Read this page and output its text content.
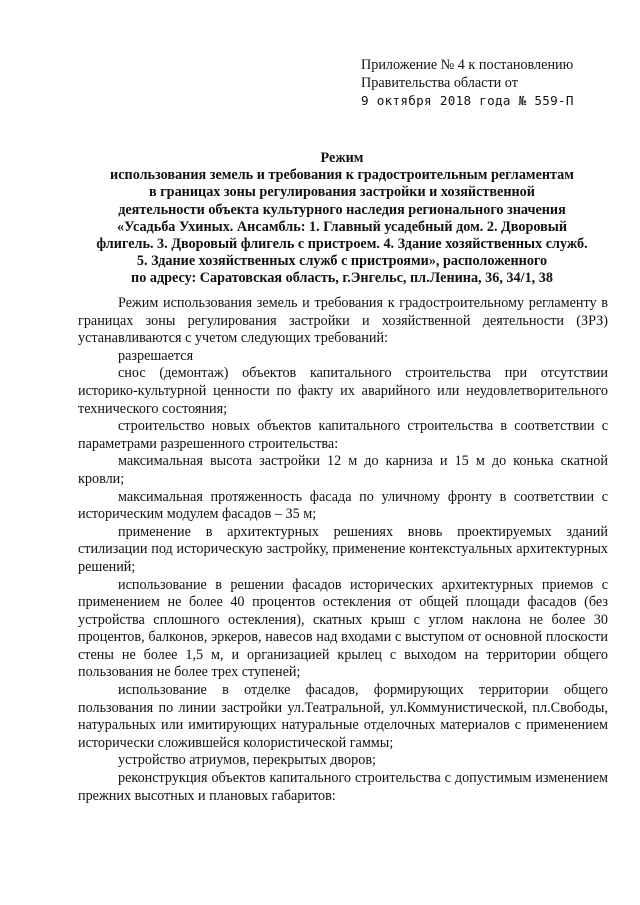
Приложение № 4 к постановлению
Правительства области от
9 октября 2018 года № 559-П
Режим
использования земель и требования к градостроительным регламентам
в границах зоны регулирования застройки и хозяйственной
деятельности объекта культурного наследия регионального значения
«Усадьба Ухиных. Ансамбль: 1. Главный усадебный дом. 2. Дворовый
флигель. 3. Дворовый флигель с пристроем. 4. Здание хозяйственных служб.
5. Здание хозяйственных служб с пристроями», расположенного
по адресу: Саратовская область, г.Энгельс, пл.Ленина, 36, 34/1, 38

Режим использования земель и требования к градостроительному регламенту в границах зоны регулирования застройки и хозяйственной деятельности (ЗРЗ) устанавливаются с учетом следующих требований:

разрешается

снос (демонтаж) объектов капитального строительства при отсутствии историко-культурной ценности по факту их аварийного или неудовлетворительного технического состояния;

строительство новых объектов капитального строительства в соответствии с параметрами разрешенного строительства:

максимальная высота застройки 12 м до карниза и 15 м до конька скатной кровли;

максимальная протяженность фасада по уличному фронту в соответствии с историческим модулем фасадов – 35 м;

применение в архитектурных решениях вновь проектируемых зданий стилизации под историческую застройку, применение контекстуальных архитектурных решений;

использование в решении фасадов исторических архитектурных приемов с применением не более 40 процентов остекления от общей площади фасадов (без устройства сплошного остекления), скатных крыш с углом наклона не более 30 процентов, балконов, эркеров, навесов над входами с выступом от основной плоскости стены не более 1,5 м, и организацией крылец с выходом на территории общего пользования не более трех ступеней;

использование в отделке фасадов, формирующих территории общего пользования по линии застройки ул.Театральной, ул.Коммунистической, пл.Свободы, натуральных или имитирующих натуральные отделочных материалов с применением исторически сложившейся колористической гаммы;

устройство атриумов, перекрытых дворов;

реконструкция объектов капитального строительства с допустимым изменением прежних высотных и плановых габаритов:
